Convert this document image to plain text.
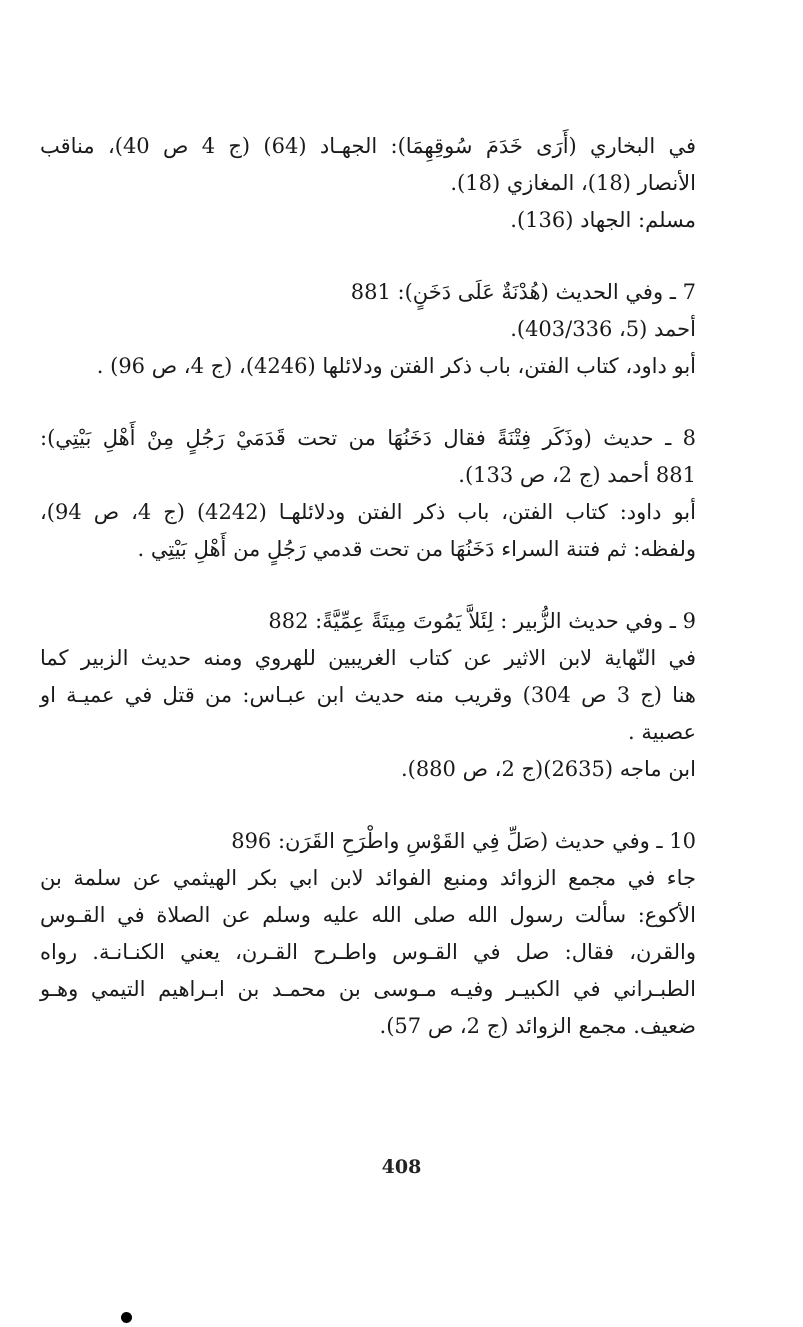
في البخاري (أَرَى خَدَمَ سُوقِهِمَا): الجهـاد (64) (ج 4 ص 40)، مناقب
الأنصار (18)، المغازي (18).
مسلم: الجهاد (136).
7 ـ وفي الحديث (هُدْنَةٌ عَلَى دَخَنٍ): 881
أحمد (5، 403/336).
أبو داود، كتاب الفتن، باب ذكر الفتن ودلائلها (4246)، (ج 4، ص 96) .
8 ـ حديث (وذَكَر فِتْنَةً فقال دَخَنُهَا من تحت قَدَمَيْ رَجُلٍ مِنْ أَهْلِ بَيْتِي):
881 أحمد (ج 2، ص 133).
أبو داود: كتاب الفتن، باب ذكر الفتن ودلائلهـا (4242) (ج 4، ص 94)،
ولفظه: ثم فتنة السراء دَخَنُهَا من تحت قدمي رَجُلٍ من أَهْلِ بَيْتِي .
9 ـ وفي حديث الزُّبير : لِئَلاَّ يَمُوتَ مِيتَةً عِمِّيَّةً: 882
في النّهاية لابن الاثير عن كتاب الغريبين للهروي ومنه حديث الزبير كما
هنا (ج 3 ص 304) وقريب منه حديث ابن عبـاس: من قتل في عميـة او
عصبية .
ابن ماجه (2635)(ج 2، ص 880).
10 ـ وفي حديث (صَلِّ فِي القَوْسِ واطْرَحِ القَرَن: 896
جاء في مجمع الزوائد ومنبع الفوائد لابن ابي بكر الهيثمي عن سلمة بن
الأكوع: سألت رسول الله صلى الله عليه وسلم عن الصلاة في القـوس
والقرن، فقال: صل في القـوس واطـرح القـرن، يعني الكنـانـة. رواه
الطبـراني في الكبيـر وفيـه مـوسى بن محمـد بن ابـراهيم التيمي وهـو
ضعيف. مجمع الزوائد (ج 2، ص 57).
408
